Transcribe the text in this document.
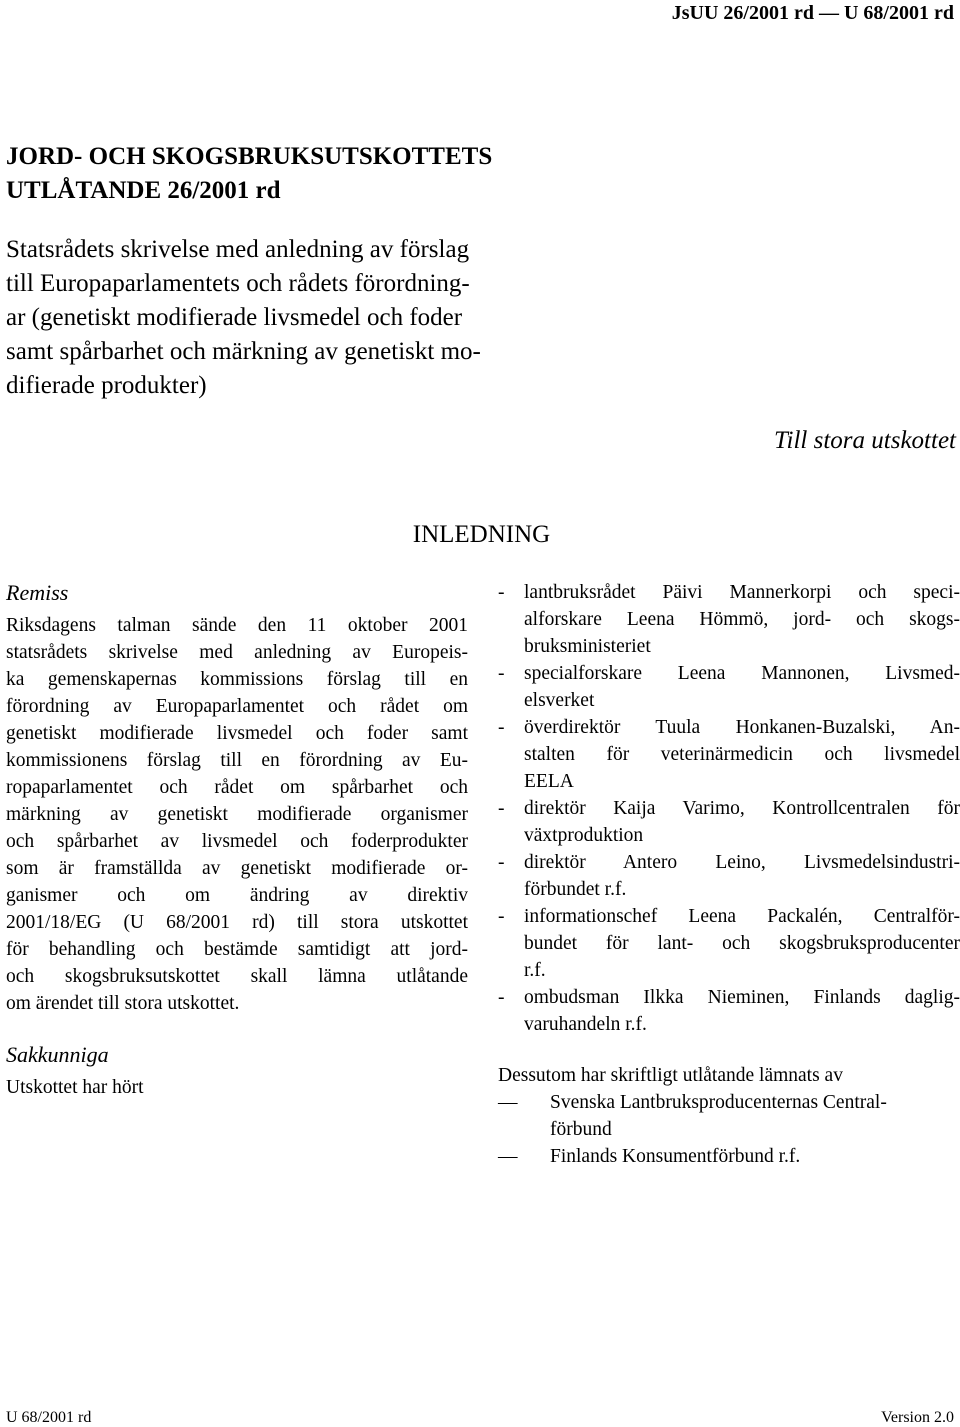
JsUU 26/2001 rd — U 68/2001 rd
JORD- OCH SKOGSBRUKSUTSKOTTETS
UTLÅTANDE 26/2001 rd
Statsrådets skrivelse med anledning av förslag
till Europaparlamentets och rådets förordning-
ar (genetiskt modifierade livsmedel och foder
samt spårbarhet och märkning av genetiskt mo-
difierade produkter)
Till stora utskottet
INLEDNING
Remiss
Riksdagens talman sände den 11 oktober 2001
statsrådets skrivelse med anledning av Europeis-
ka gemenskapernas kommissions förslag till en
förordning av Europaparlamentet och rådet om
genetiskt modifierade livsmedel och foder samt
kommissionens förslag till en förordning av Eu-
ropaparlamentet och rådet om spårbarhet och
märkning av genetiskt modifierade organismer
och spårbarhet av livsmedel och foderprodukter
som är framställda av genetiskt modifierade or-
ganismer och om ändring av direktiv
2001/18/EG (U 68/2001 rd) till stora utskottet
för behandling och bestämde samtidigt att jord-
och skogsbruksutskottet skall lämna utlåtande
om ärendet till stora utskottet.
Sakkunniga
Utskottet har hört
-	lantbruksrådet Päivi Mannerkorpi och speci-
alforskare Leena Hömmö, jord- och skogs-
bruksministeriet
-	specialforskare Leena Mannonen, Livsmed-
elsverket
-	överdirektör Tuula Honkanen-Buzalski, An-
stalten för veterinärmedicin och livsmedel
EELA
-	direktör Kaija Varimo, Kontrollcentralen för
växtproduktion
-	direktör Antero Leino, Livsmedelsindustri-
förbundet r.f.
-	informationschef Leena Packalén, Centralför-
bundet för lant- och skogsbruksproducenter
r.f.
-	ombudsman Ilkka Nieminen, Finlands daglig-
varuhandeln r.f.
Dessutom har skriftligt utlåtande lämnats av
—	Svenska Lantbruksproducenternas Central-
förbund
—	Finlands Konsumentförbund r.f.
U 68/2001 rd	Version 2.0
